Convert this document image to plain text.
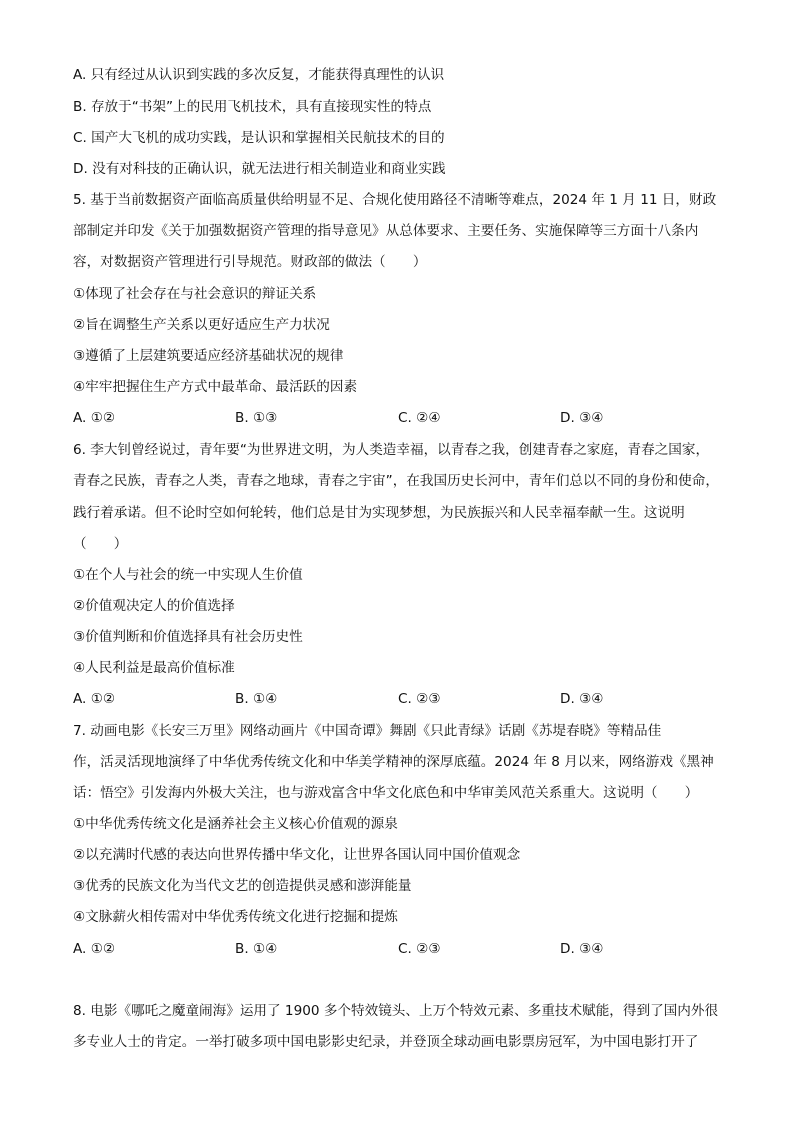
A. 只有经过从认识到实践的多次反复，才能获得真理性的认识
B. 存放于“书架”上的民用飞机技术，具有直接现实性的特点
C. 国产大飞机的成功实践，是认识和掌握相关民航技术的目的
D. 没有对科技的正确认识，就无法进行相关制造业和商业实践
5. 基于当前数据资产面临高质量供给明显不足、合规化使用路径不清晰等难点，2024 年 1 月 11 日，财政
部制定并印发《关于加强数据资产管理的指导意见》从总体要求、主要任务、实施保障等三方面十八条内
容，对数据资产管理进行引导规范。财政部的做法（　　）
①体现了社会存在与社会意识的辩证关系
②旨在调整生产关系以更好适应生产力状况
③遵循了上层建筑要适应经济基础状况的规律
④牢牢把握住生产方式中最革命、最活跃的因素
A. ①②	B. ①③	C. ②④	D. ③④
6. 李大钊曾经说过，青年要“为世界进文明，为人类造幸福，以青春之我，创建青春之家庭，青春之国家，
青春之民族，青春之人类，青春之地球，青春之宇宙”，在我国历史长河中，青年们总以不同的身份和使命，
践行着承诺。但不论时空如何轮转，他们总是甘为实现梦想，为民族振兴和人民幸福奉献一生。这说明
（　　）
①在个人与社会的统一中实现人生价值
②价值观决定人的价值选择
③价值判断和价值选择具有社会历史性
④人民利益是最高价值标准
A. ①②	B. ①④	C. ②③	D. ③④
7. 动画电影《长安三万里》网络动画片《中国奇谭》舞剧《只此青绿》话剧《苏堤春晓》等精品佳
作，活灵活现地演绎了中华优秀传统文化和中华美学精神的深厚底蕴。2024 年 8 月以来，网络游戏《黑神
话：悟空》引发海内外极大关注，也与游戏富含中华文化底色和中华审美风范关系重大。这说明（　　）
①中华优秀传统文化是涵养社会主义核心价值观的源泉
②以充满时代感的表达向世界传播中华文化，让世界各国认同中国价值观念
③优秀的民族文化为当代文艺的创造提供灵感和澎湃能量
④文脉薪火相传需对中华优秀传统文化进行挖掘和提炼
A. ①②	B. ①④	C. ②③	D. ③④
8. 电影《哪吒之魔童闹海》运用了 1900 多个特效镜头、上万个特效元素、多重技术赋能，得到了国内外很
多专业人士的肯定。一举打破多项中国电影影史纪录，并登顶全球动画电影票房冠军，为中国电影打开了
